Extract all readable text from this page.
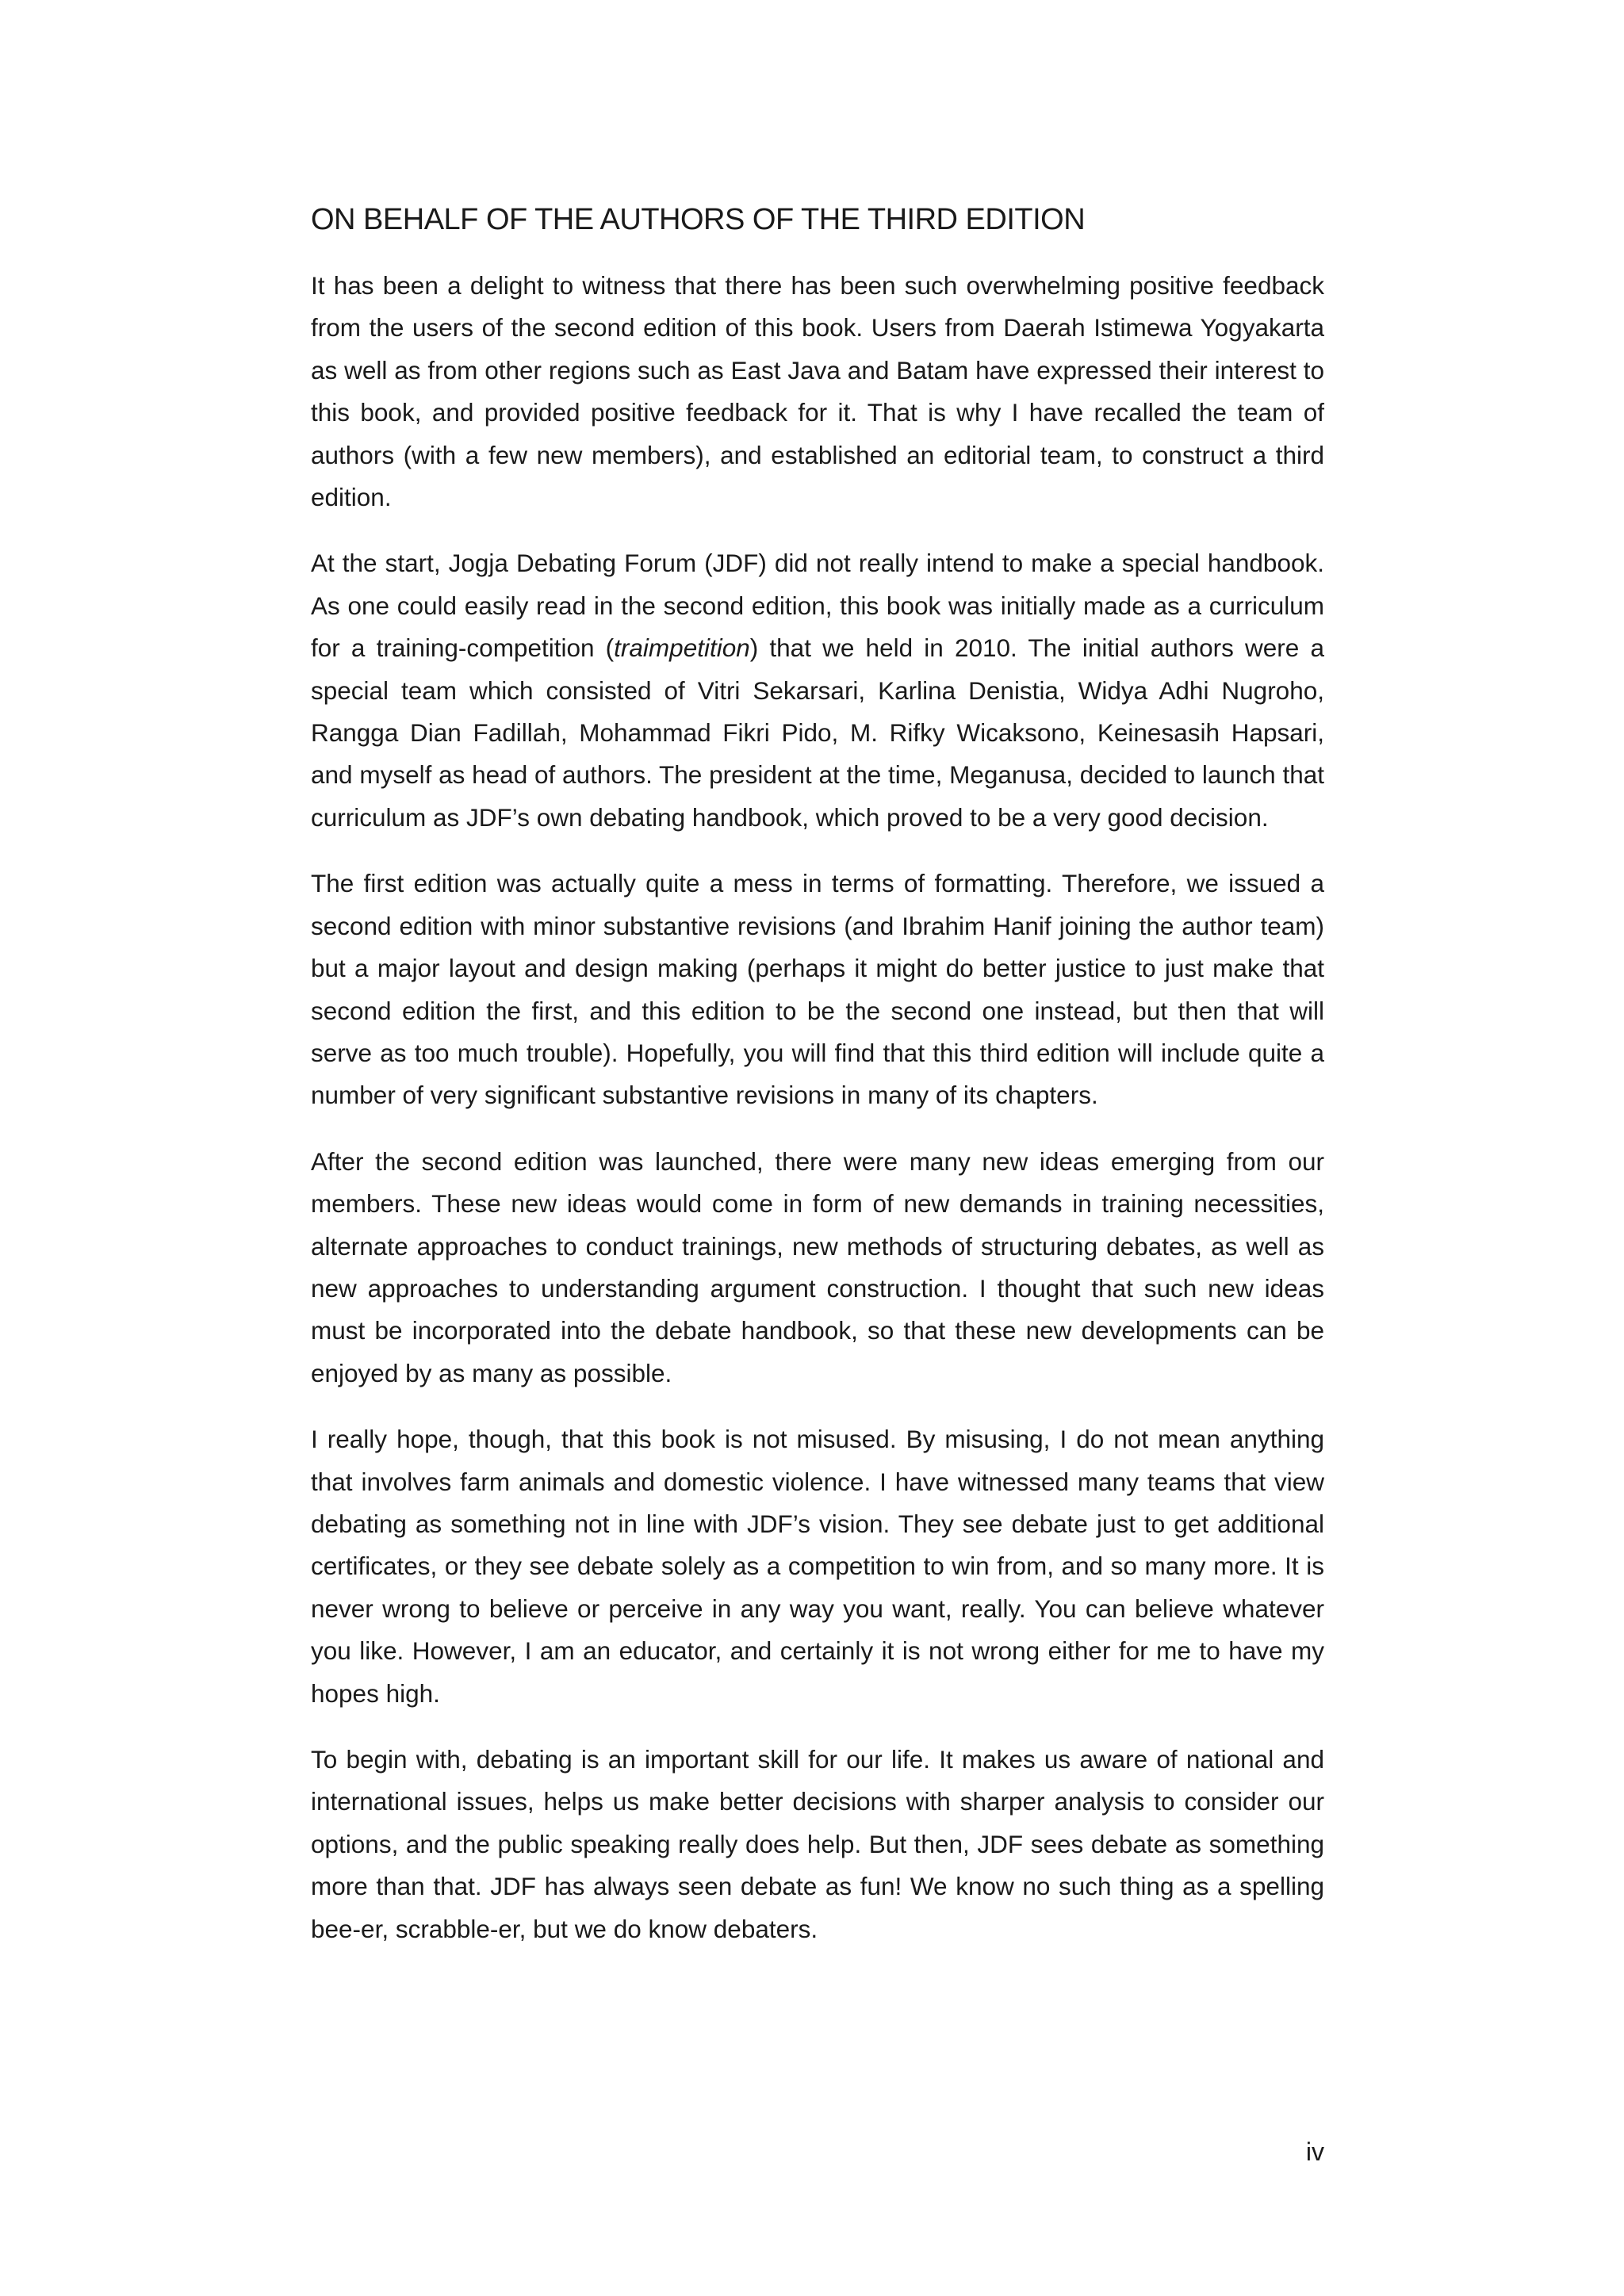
ON BEHALF OF THE AUTHORS OF THE THIRD EDITION

It has been a delight to witness that there has been such overwhelming positive feedback from the users of the second edition of this book. Users from Daerah Istimewa Yogyakarta as well as from other regions such as East Java and Batam have expressed their interest to this book, and provided positive feedback for it. That is why I have recalled the team of authors (with a few new members), and established an editorial team, to construct a third edition.

At the start, Jogja Debating Forum (JDF) did not really intend to make a special handbook. As one could easily read in the second edition, this book was initially made as a curriculum for a training-competition (traimpetition) that we held in 2010. The initial authors were a special team which consisted of Vitri Sekarsari, Karlina Denistia, Widya Adhi Nugroho, Rangga Dian Fadillah, Mohammad Fikri Pido, M. Rifky Wicaksono, Keinesasih Hapsari, and myself as head of authors. The president at the time, Meganusa, decided to launch that curriculum as JDF’s own debating handbook, which proved to be a very good decision.

The first edition was actually quite a mess in terms of formatting. Therefore, we issued a second edition with minor substantive revisions (and Ibrahim Hanif joining the author team) but a major layout and design making (perhaps it might do better justice to just make that second edition the first, and this edition to be the second one instead, but then that will serve as too much trouble). Hopefully, you will find that this third edition will include quite a number of very significant substantive revisions in many of its chapters.

After the second edition was launched, there were many new ideas emerging from our members. These new ideas would come in form of new demands in training necessities, alternate approaches to conduct trainings, new methods of structuring debates, as well as new approaches to understanding argument construction. I thought that such new ideas must be incorporated into the debate handbook, so that these new developments can be enjoyed by as many as possible.

I really hope, though, that this book is not misused. By misusing, I do not mean anything that involves farm animals and domestic violence. I have witnessed many teams that view debating as something not in line with JDF’s vision. They see debate just to get additional certificates, or they see debate solely as a competition to win from, and so many more. It is never wrong to believe or perceive in any way you want, really. You can believe whatever you like. However, I am an educator, and certainly it is not wrong either for me to have my hopes high.

To begin with, debating is an important skill for our life. It makes us aware of national and international issues, helps us make better decisions with sharper analysis to consider our options, and the public speaking really does help. But then, JDF sees debate as something more than that. JDF has always seen debate as fun! We know no such thing as a spelling bee-er, scrabble-er, but we do know debaters.

iv
